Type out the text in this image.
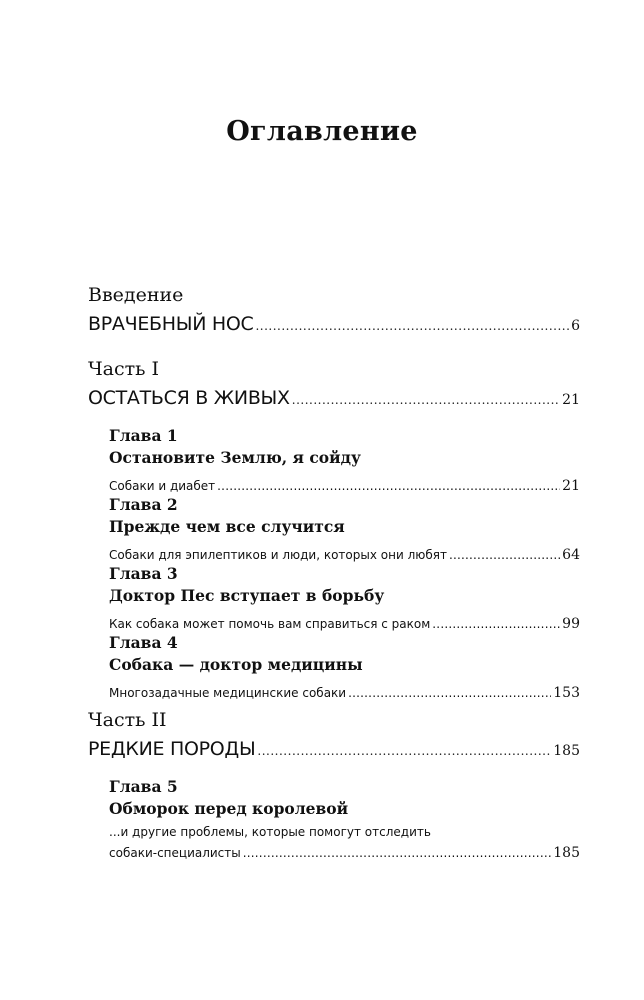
Оглавление
Введение
ВРАЧЕБНЫЙ НОС .....	6
Часть I
ОСТАТЬСЯ В ЖИВЫХ .....	21
Глава 1
Остановите Землю, я сойду
Собаки и диабет .....	21
Глава 2
Прежде чем все случится
Собаки для эпилептиков и люди, которых они любят .....	64
Глава 3
Доктор Пес вступает в борьбу
Как собака может помочь вам справиться с раком .....	99
Глава 4
Собака — доктор медицины
Многозадачные медицинские собаки .....	153
Часть II
РЕДКИЕ ПОРОДЫ .....	185
Глава 5
Обморок перед королевой
...и другие проблемы, которые помогут отследить
собаки-специалисты .....	185
